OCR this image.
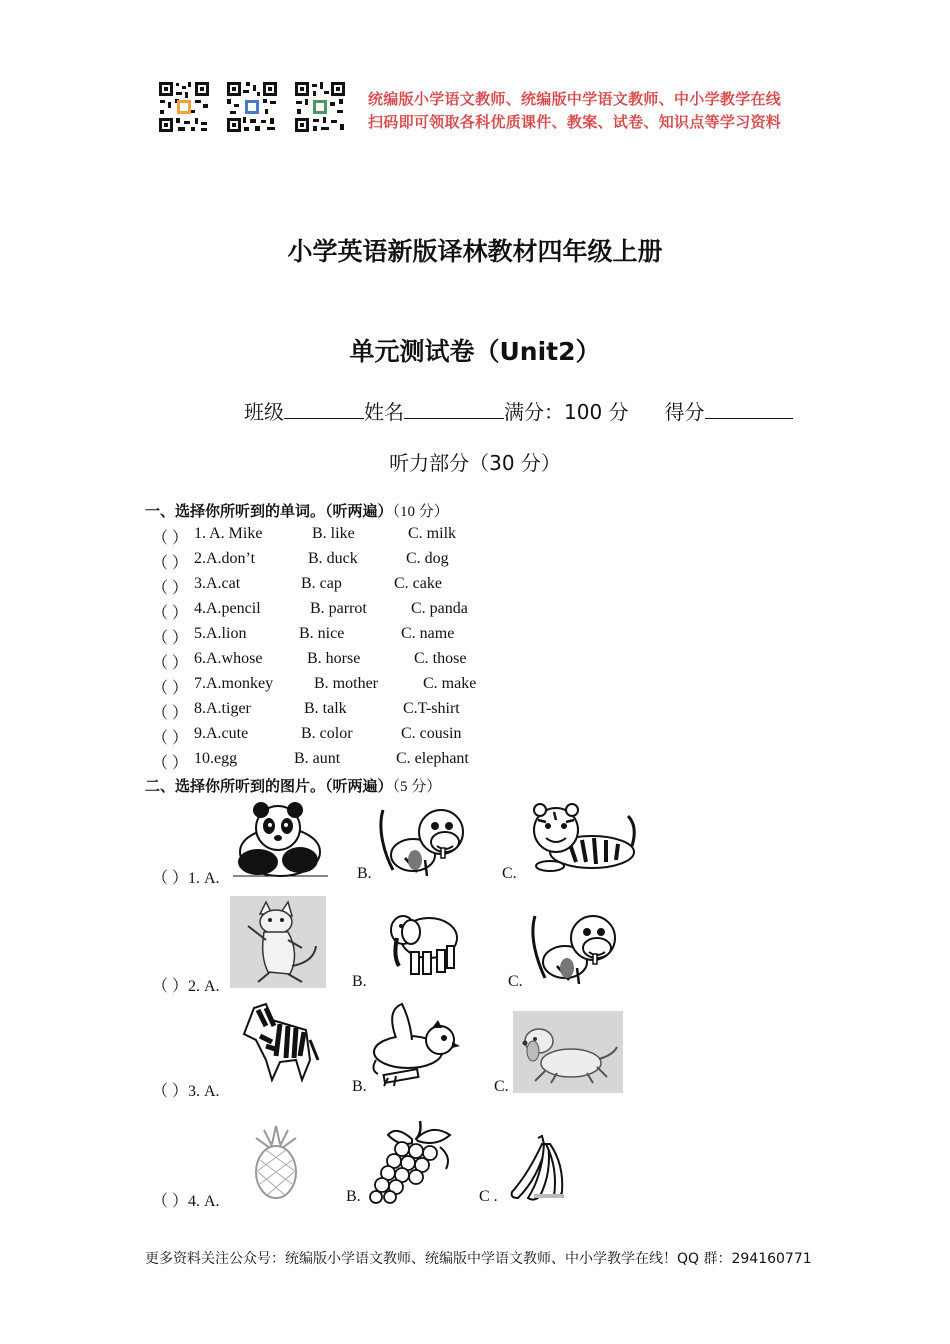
统编版小学语文教师、统编版中学语文教师、中小学教学在线
扫码即可领取各科优质课件、教案、试卷、知识点等学习资料
小学英语新版译林教材四年级上册
单元测试卷（Unit2）
班级	姓名	满分：100 分 得分
听力部分（30 分）
一、选择你所听到的单词。（听两遍）（10 分）
（ ） 1. A. Mike	B. like	C. milk
（ ） 2.A.don’t	B. duck	C. dog
（ ） 3.A.cat	B. cap	C. cake
（ ） 4.A.pencil	B. parrot	C. panda
（ ） 5.A.lion	B. nice	C. name
（ ） 6.A.whose	B. horse	C. those
（ ） 7.A.monkey	B. mother	C. make
（ ） 8.A.tiger	B. talk	C.T-shirt
（ ） 9.A.cute	B. color	C. cousin
（ ） 10.egg	B. aunt	C. elephant
二、选择你所听到的图片。（听两遍）（5 分）
（ ）1. A.	B.	C.
（ ）2. A.	B.	C.
（ ）3. A.	B.	C.
（ ）4. A.	B.	C .
更多资料关注公众号：统编版小学语文教师、统编版中学语文教师、中小学教学在线！QQ 群：294160771
